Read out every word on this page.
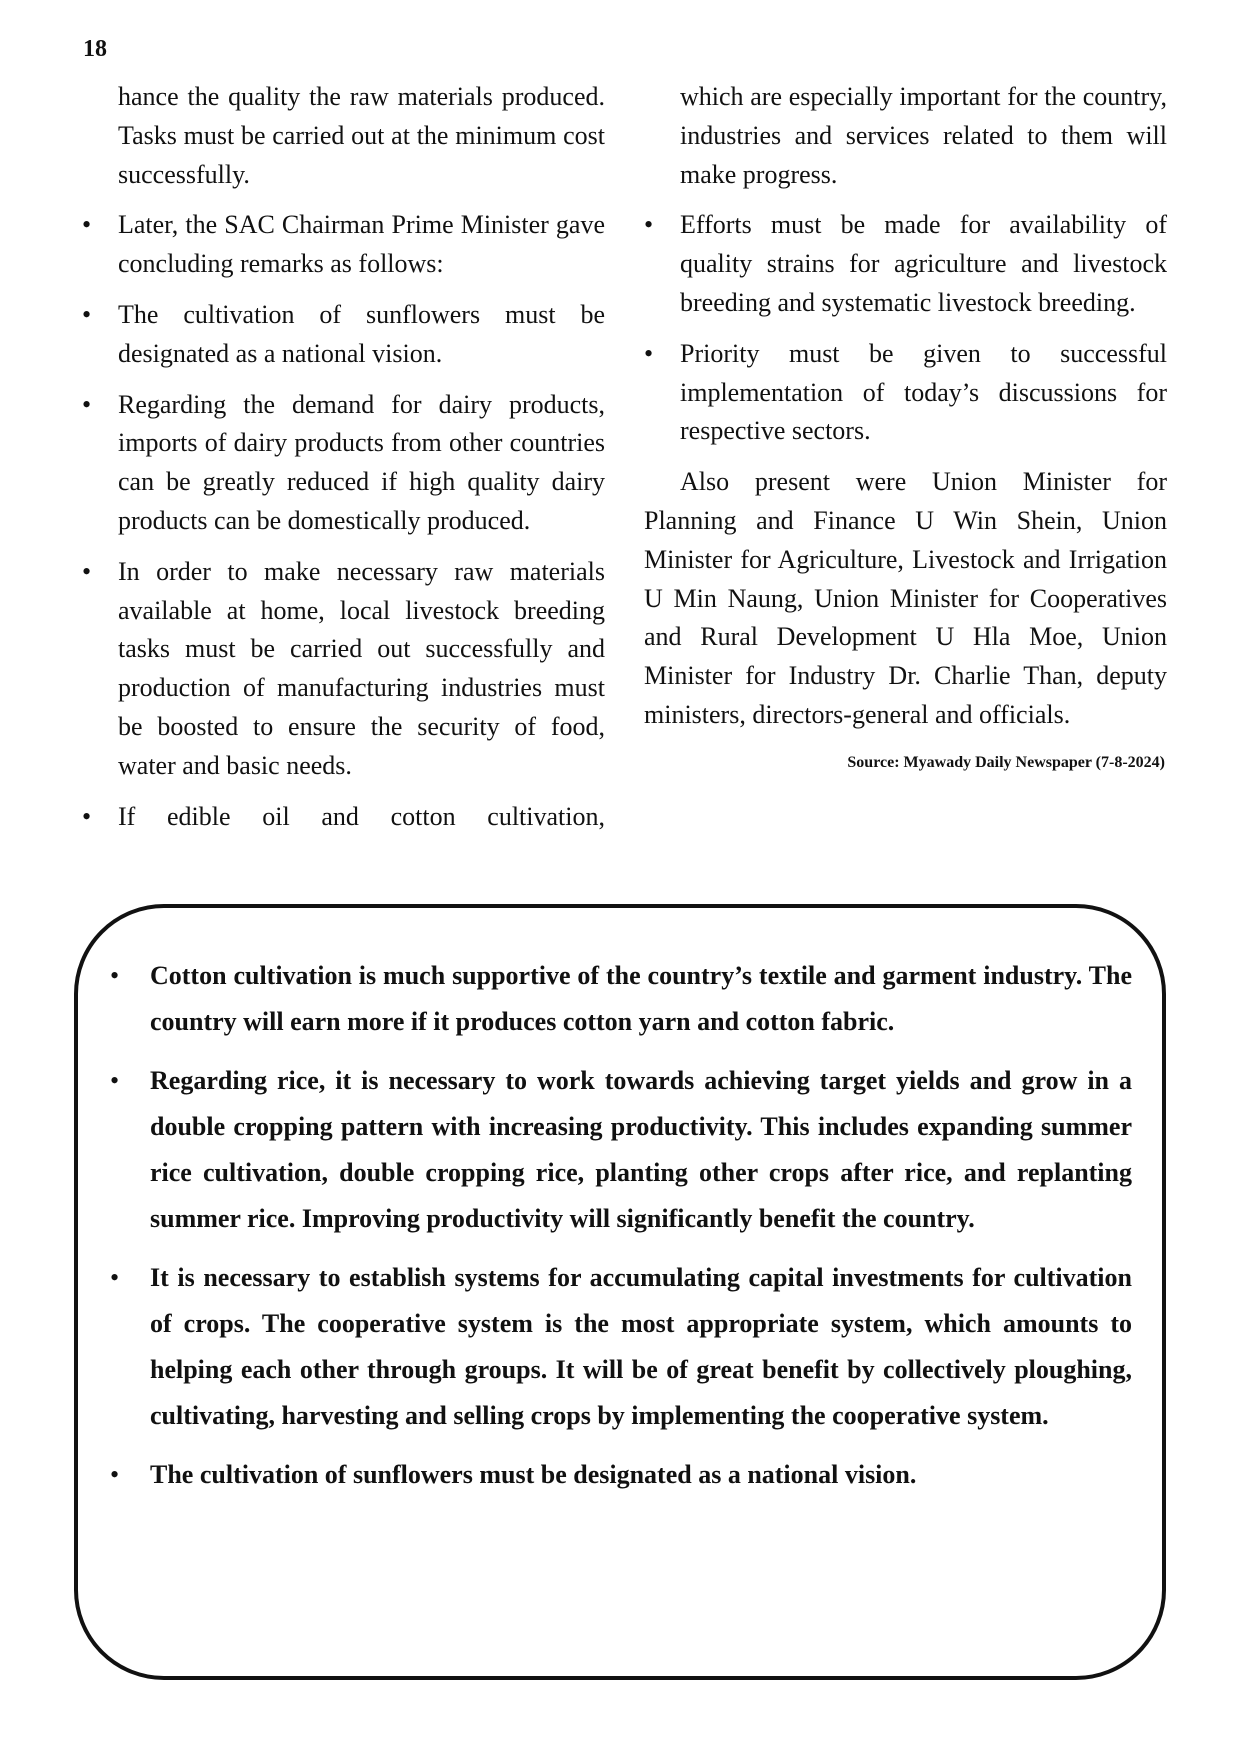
18

hance the quality the raw materials produced. Tasks must be carried out at the minimum cost successfully.

• Later, the SAC Chairman Prime Minister gave concluding remarks as follows:
• The cultivation of sunflowers must be designated as a national vision.
• Regarding the demand for dairy products, imports of dairy products from other countries can be greatly reduced if high quality dairy products can be domestically produced.
• In order to make necessary raw materials available at home, local livestock breeding tasks must be carried out successfully and production of manufacturing industries must be boosted to ensure the security of food, water and basic needs.
• If edible oil and cotton cultivation,

which are especially important for the country, industries and services related to them will make progress.

• Efforts must be made for availability of quality strains for agriculture and livestock breeding and systematic livestock breeding.
• Priority must be given to successful implementation of today’s discussions for respective sectors.

Also present were Union Minister for Planning and Finance U Win Shein, Union Minister for Agriculture, Livestock and Irrigation U Min Naung, Union Minister for Cooperatives and Rural Development U Hla Moe, Union Minister for Industry Dr. Charlie Than, deputy ministers, directors-general and officials.

Source: Myawady Daily Newspaper (7-8-2024)
• Cotton cultivation is much supportive of the country’s textile and garment industry. The country will earn more if it produces cotton yarn and cotton fabric.
• Regarding rice, it is necessary to work towards achieving target yields and grow in a double cropping pattern with increasing productivity. This includes expanding summer rice cultivation, double cropping rice, planting other crops after rice, and replanting summer rice. Improving productivity will significantly benefit the country.
• It is necessary to establish systems for accumulating capital investments for cultivation of crops. The cooperative system is the most appropriate system, which amounts to helping each other through groups. It will be of great benefit by collectively ploughing, cultivating, harvesting and selling crops by implementing the cooperative system.
• The cultivation of sunflowers must be designated as a national vision.
